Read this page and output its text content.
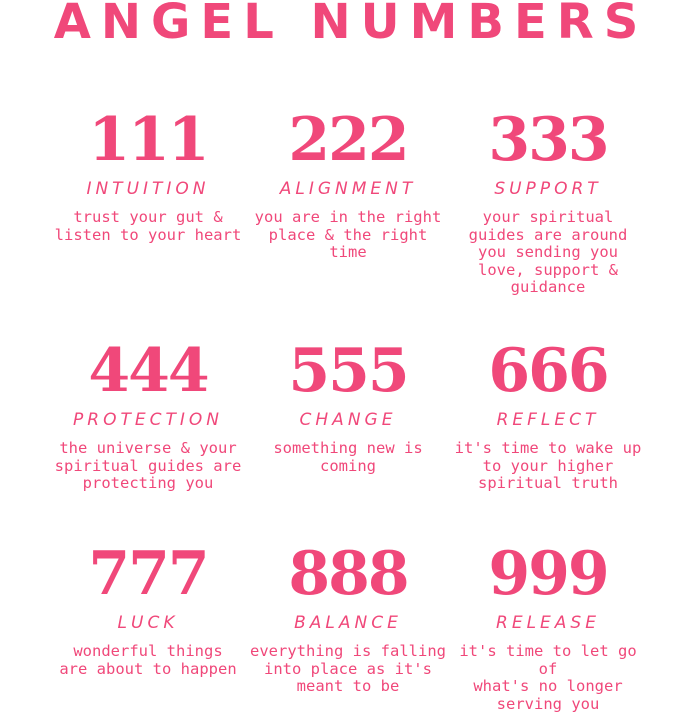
ANGEL NUMBERS
111
INTUITION
trust your gut &
listen to your heart
222
ALIGNMENT
you are in the right
place & the right
time
333
SUPPORT
your spiritual
guides are around
you sending you
love, support &
guidance
444
PROTECTION
the universe & your
spiritual guides are
protecting you
555
CHANGE
something new is
coming
666
REFLECT
it's time to wake up
to your higher
spiritual truth
777
LUCK
wonderful things
are about to happen
888
BALANCE
everything is falling
into place as it's
meant to be
999
RELEASE
it's time to let go of
what's no longer
serving you
